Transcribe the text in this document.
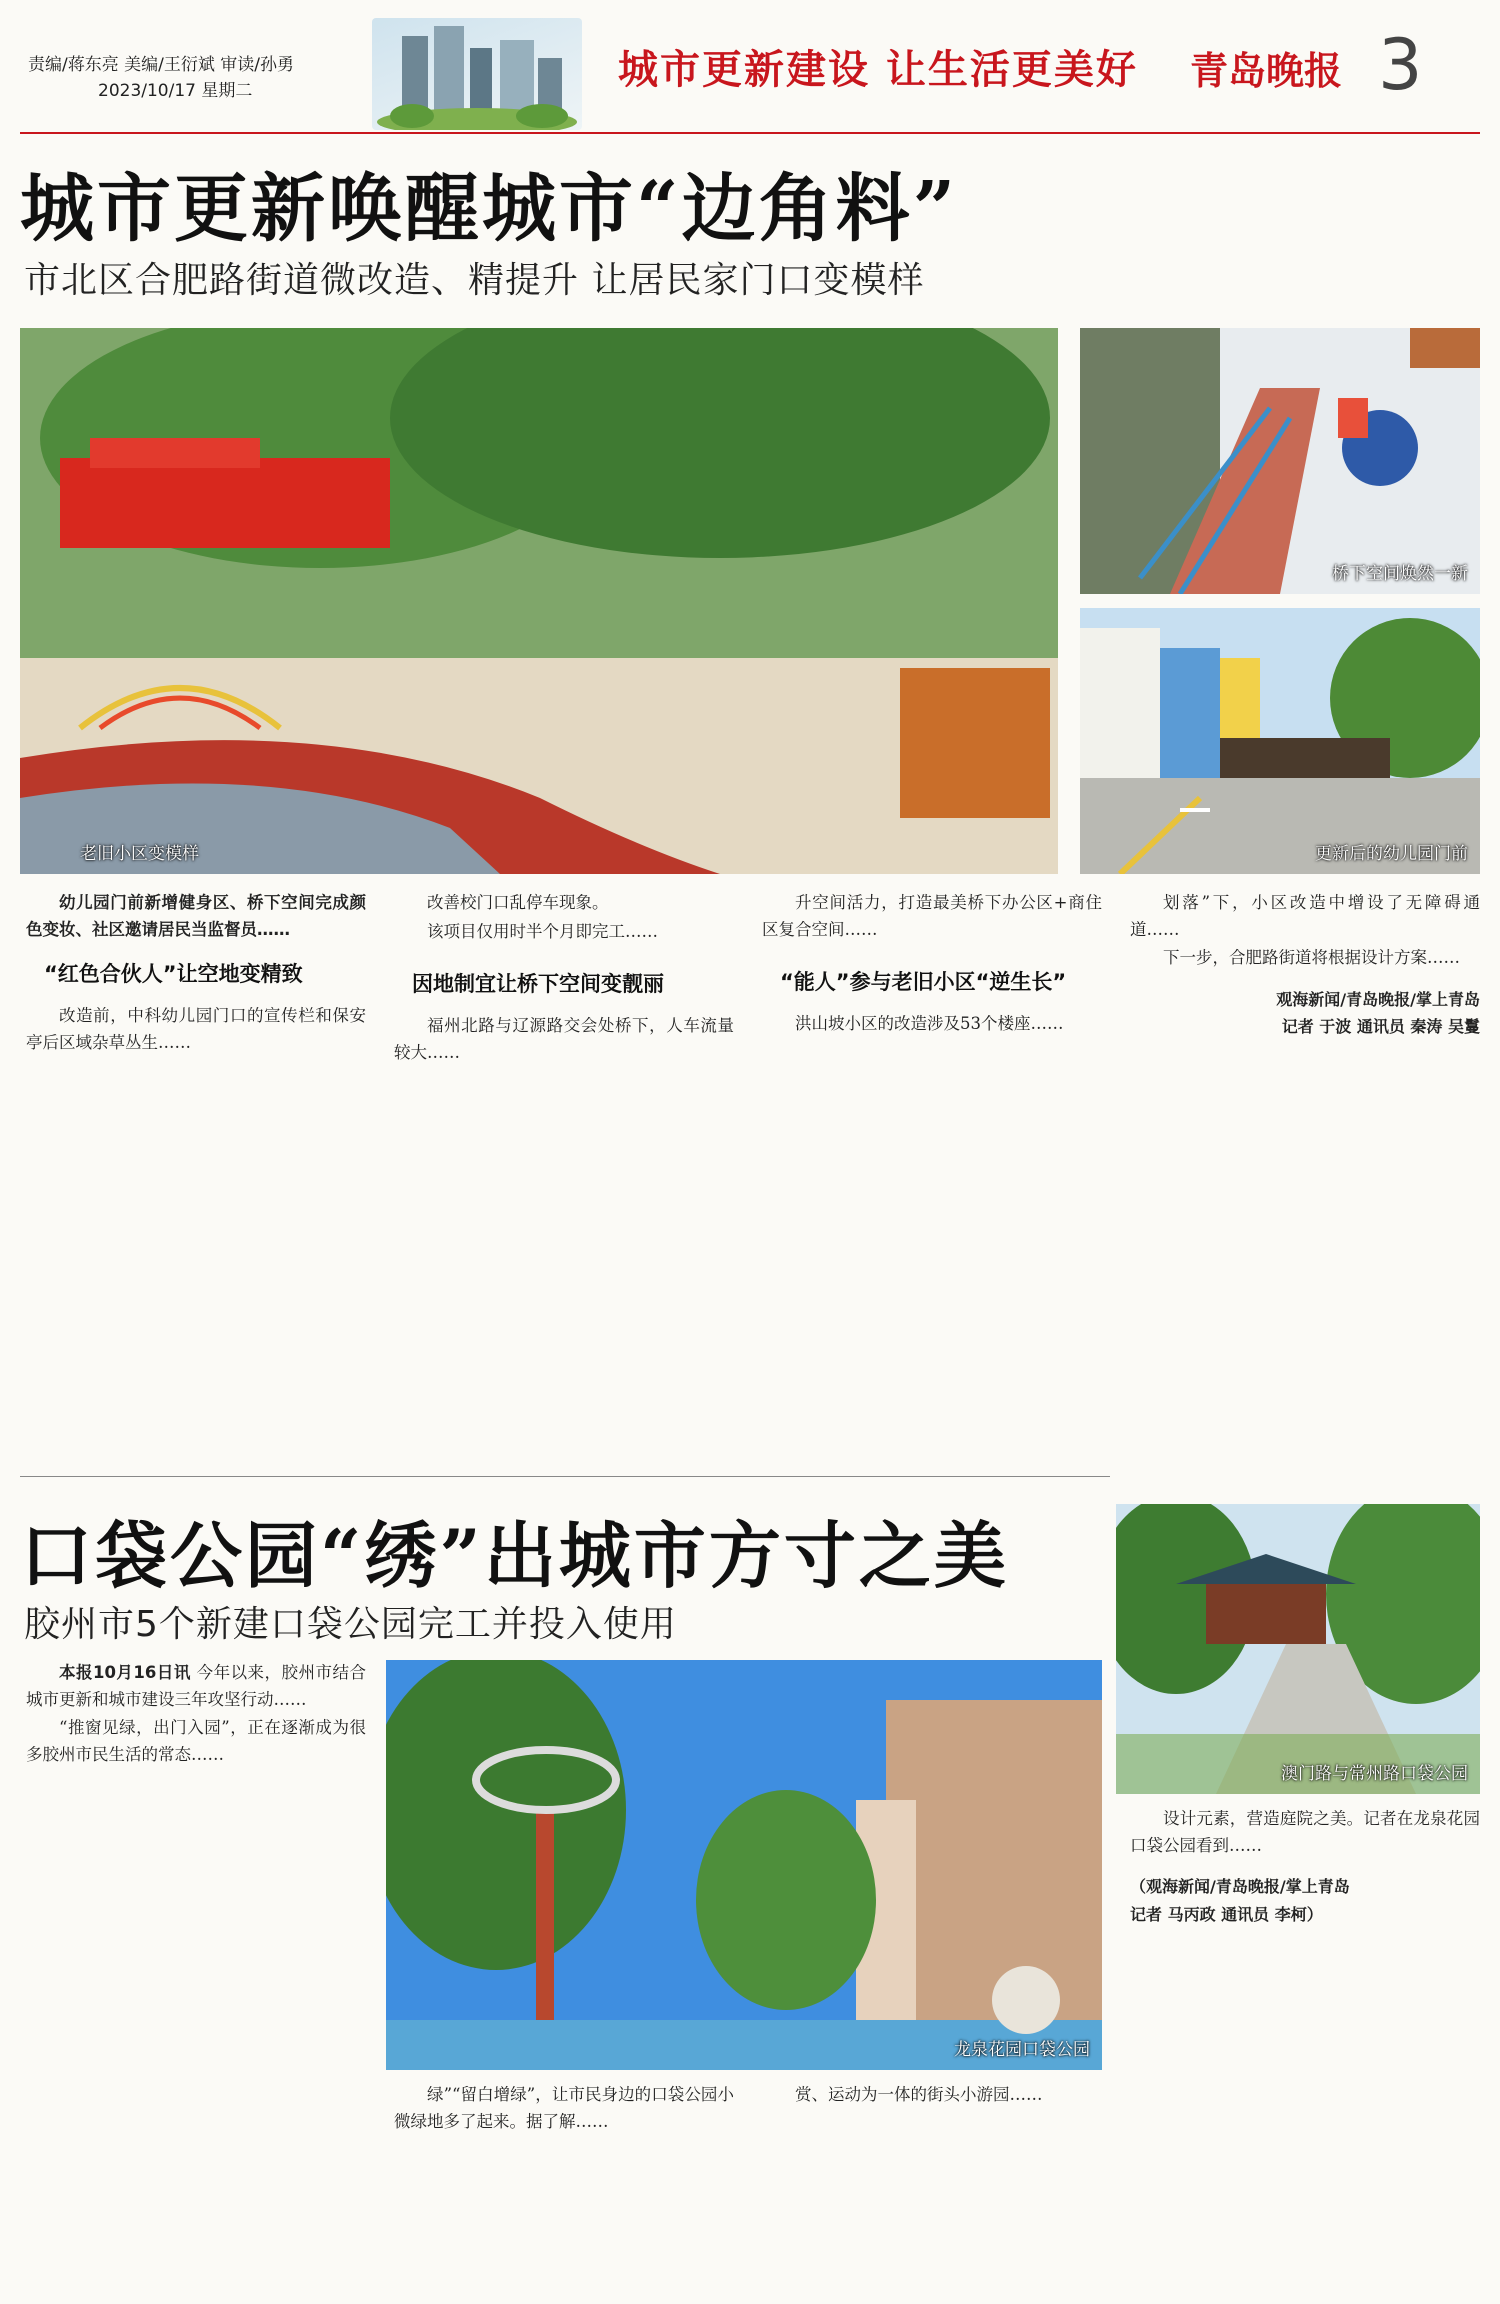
责编/蒋东亮 美编/王衍斌 审读/孙勇
2023/10/17 星期二	城市更新建设 让生活更美好 青岛晚报 3
城市更新唤醒城市“边角料”
市北区合肥路街道微改造、精提升 让居民家门口变模样
老旧小区变模样
桥下空间焕然一新
更新后的幼儿园门前

幼儿园门前新增健身区、桥下空间完成颜色变妆、社区邀请居民当监督员……

“红色合伙人”让空地变精致

改造前，中科幼儿园门口的宣传栏和保安亭后区域杂草丛生……

改善校门口乱停车现象。

该项目仅用时半个月即完工……

因地制宜让桥下空间变靓丽

福州北路与辽源路交会处桥下，人车流量较大……

升空间活力，打造最美桥下办公区+商住区复合空间……

“能人”参与老旧小区“逆生长”

洪山坡小区的改造涉及53个楼座……

划落”下，小区改造中增设了无障碍通道……

下一步，合肥路街道将根据设计方案……

观海新闻/青岛晚报/掌上青岛
记者 于波 通讯员 秦涛 吴鬘
口袋公园“绣”出城市方寸之美
胶州市5个新建口袋公园完工并投入使用
龙泉花园口袋公园
澳门路与常州路口袋公园

本报10月16日讯 今年以来，胶州市结合城市更新和城市建设三年攻坚行动……

“推窗见绿，出门入园”，正在逐渐成为很多胶州市民生活的常态……

绿”“留白增绿”，让市民身边的口袋公园小微绿地多了起来。据了解……

赏、运动为一体的街头小游园……

设计元素，营造庭院之美。记者在龙泉花园口袋公园看到……

（观海新闻/青岛晚报/掌上青岛
记者 马丙政 通讯员 李柯）
